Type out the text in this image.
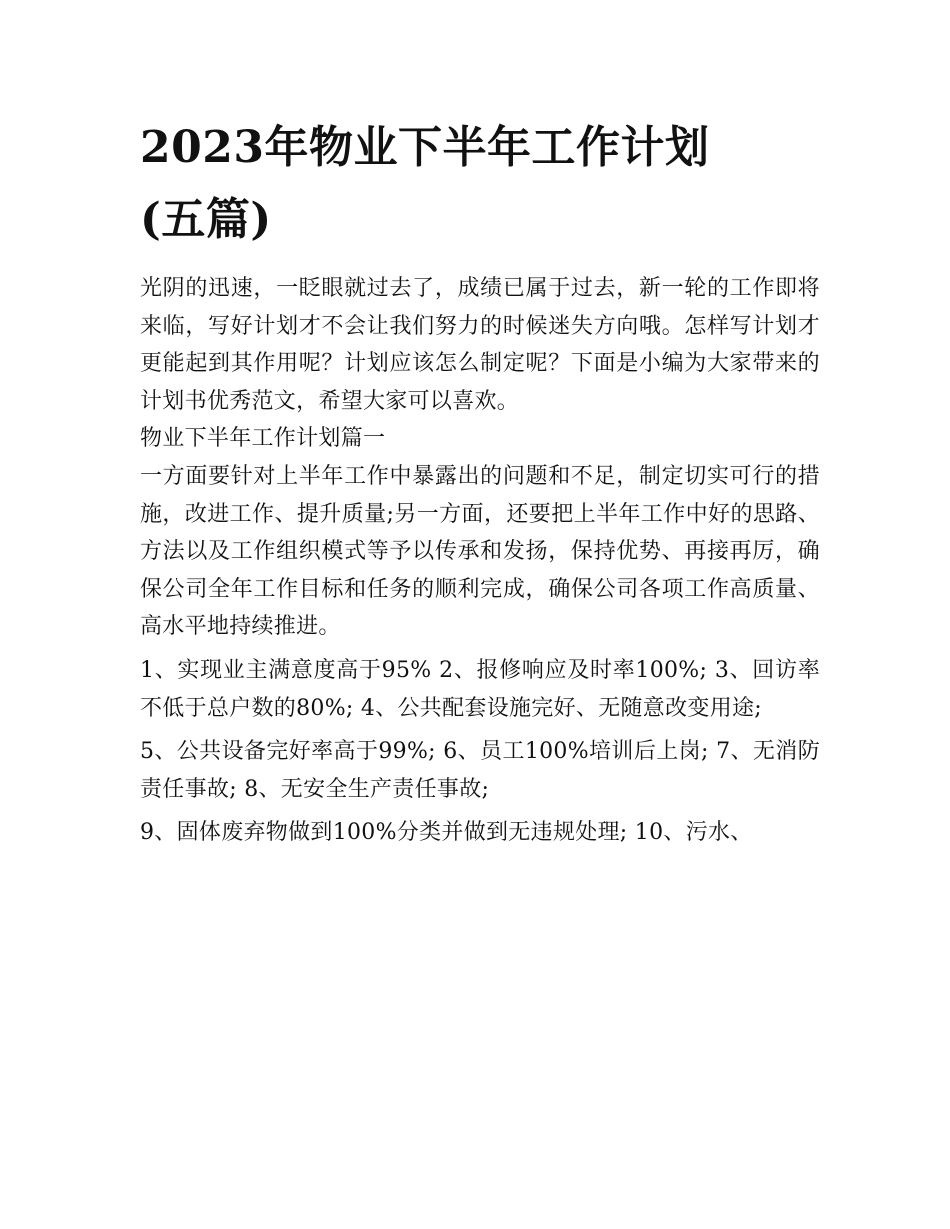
2023年物业下半年工作计划
(五篇)

光阴的迅速，一眨眼就过去了，成绩已属于过去，新一轮的工作即将来临，写好计划才不会让我们努力的时候迷失方向哦。怎样写计划才更能起到其作用呢？计划应该怎么制定呢？下面是小编为大家带来的计划书优秀范文，希望大家可以喜欢。

物业下半年工作计划篇一

一方面要针对上半年工作中暴露出的问题和不足，制定切实可行的措施，改进工作、提升质量;另一方面，还要把上半年工作中好的思路、方法以及工作组织模式等予以传承和发扬，保持优势、再接再厉，确保公司全年工作目标和任务的顺利完成，确保公司各项工作高质量、高水平地持续推进。

1、实现业主满意度高于95% 2、报修响应及时率100%; 3、回访率不低于总户数的80%; 4、公共配套设施完好、无随意改变用途;

5、公共设备完好率高于99%; 6、员工100%培训后上岗; 7、无消防责任事故; 8、无安全生产责任事故;

9、固体废弃物做到100%分类并做到无违规处理; 10、污水、
